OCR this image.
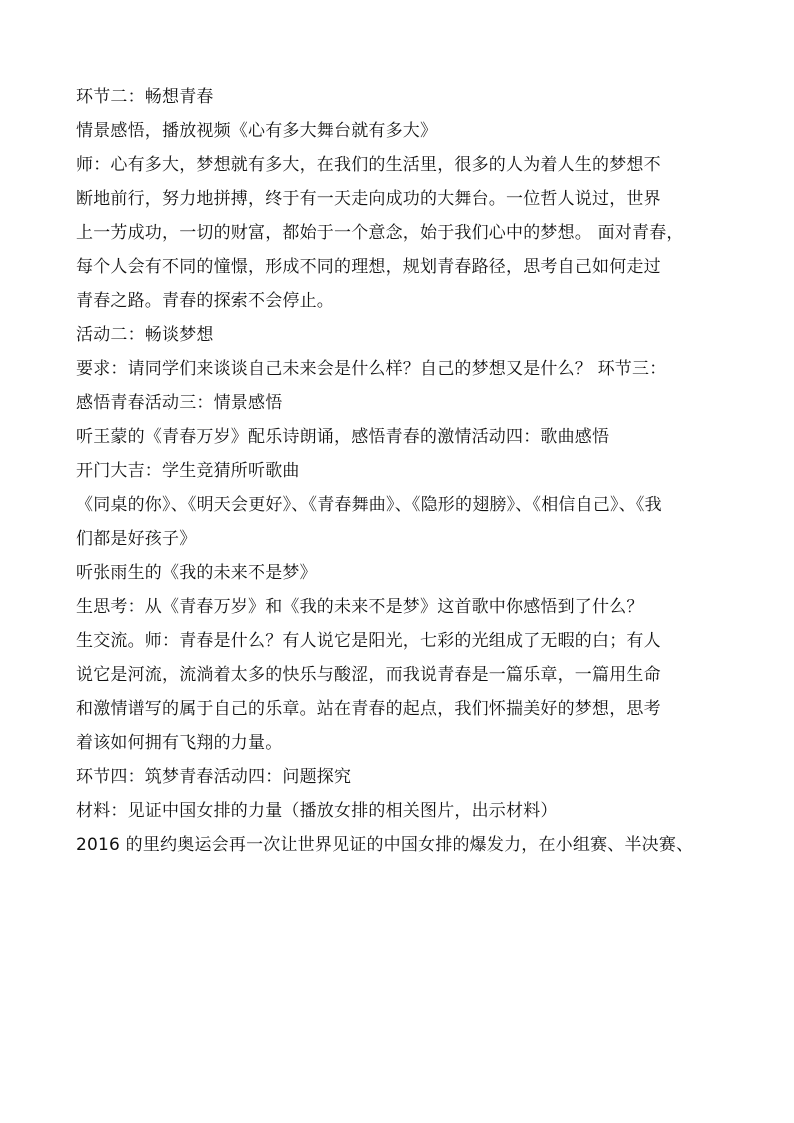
环节二：畅想青春
情景感悟，播放视频《心有多大舞台就有多大》
师：心有多大，梦想就有多大，在我们的生活里，很多的人为着人生的梦想不
断地前行，努力地拼搏，终于有一天走向成功的大舞台。一位哲人说过，世界
上一艻成功，一切的财富，都始于一个意念，始于我们心中的梦想。 面对青春，
每个人会有不同的憧憬，形成不同的理想，规划青春路径，思考自己如何走过
青春之路。青春的探索不会停止。
活动二：畅谈梦想
要求：请同学们来谈谈自己未来会是什么样？自己的梦想又是什么？ 环节三：
感悟青春活动三：情景感悟
听王蒙的《青春万岁》配乐诗朗诵，感悟青春的激情活动四：歌曲感悟
开门大吉：学生竞猜所听歌曲
《同桌的你》、《明天会更好》、《青春舞曲》、《隐形的翅膀》、《相信自己》、《我
们都是好孩子》
听张雨生的《我的未来不是梦》
生思考：从《青春万岁》和《我的未来不是梦》这首歌中你感悟到了什么？
生交流。师：青春是什么？有人说它是阳光，七彩的光组成了无暇的白；有人
说它是河流，流淌着太多的快乐与酸涩，而我说青春是一篇乐章，一篇用生命
和激情谱写的属于自己的乐章。站在青春的起点，我们怀揣美好的梦想，思考
着该如何拥有飞翔的力量。
环节四：筑梦青春活动四：问题探究
材料：见证中国女排的力量（播放女排的相关图片，出示材料）
2016 的里约奥运会再一次让世界见证的中国女排的爆发力，在小组赛、半决赛、
